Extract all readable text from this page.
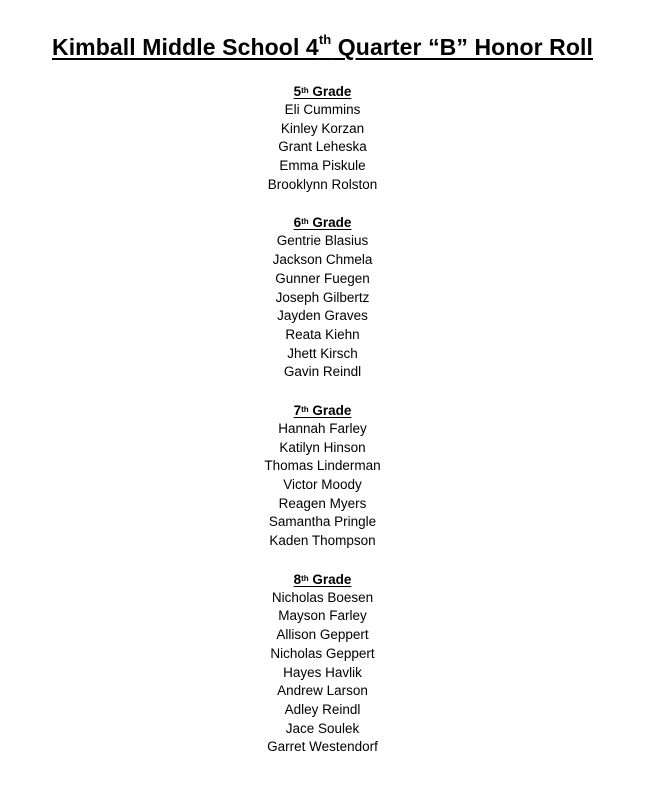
Kimball Middle School 4th Quarter “B” Honor Roll
5th Grade
Eli Cummins
Kinley Korzan
Grant Leheska
Emma Piskule
Brooklynn Rolston
6th Grade
Gentrie Blasius
Jackson Chmela
Gunner Fuegen
Joseph Gilbertz
Jayden Graves
Reata Kiehn
Jhett Kirsch
Gavin Reindl
7th Grade
Hannah Farley
Katilyn Hinson
Thomas Linderman
Victor Moody
Reagen Myers
Samantha Pringle
Kaden Thompson
8th Grade
Nicholas Boesen
Mayson Farley
Allison Geppert
Nicholas Geppert
Hayes Havlik
Andrew Larson
Adley Reindl
Jace Soulek
Garret Westendorf
